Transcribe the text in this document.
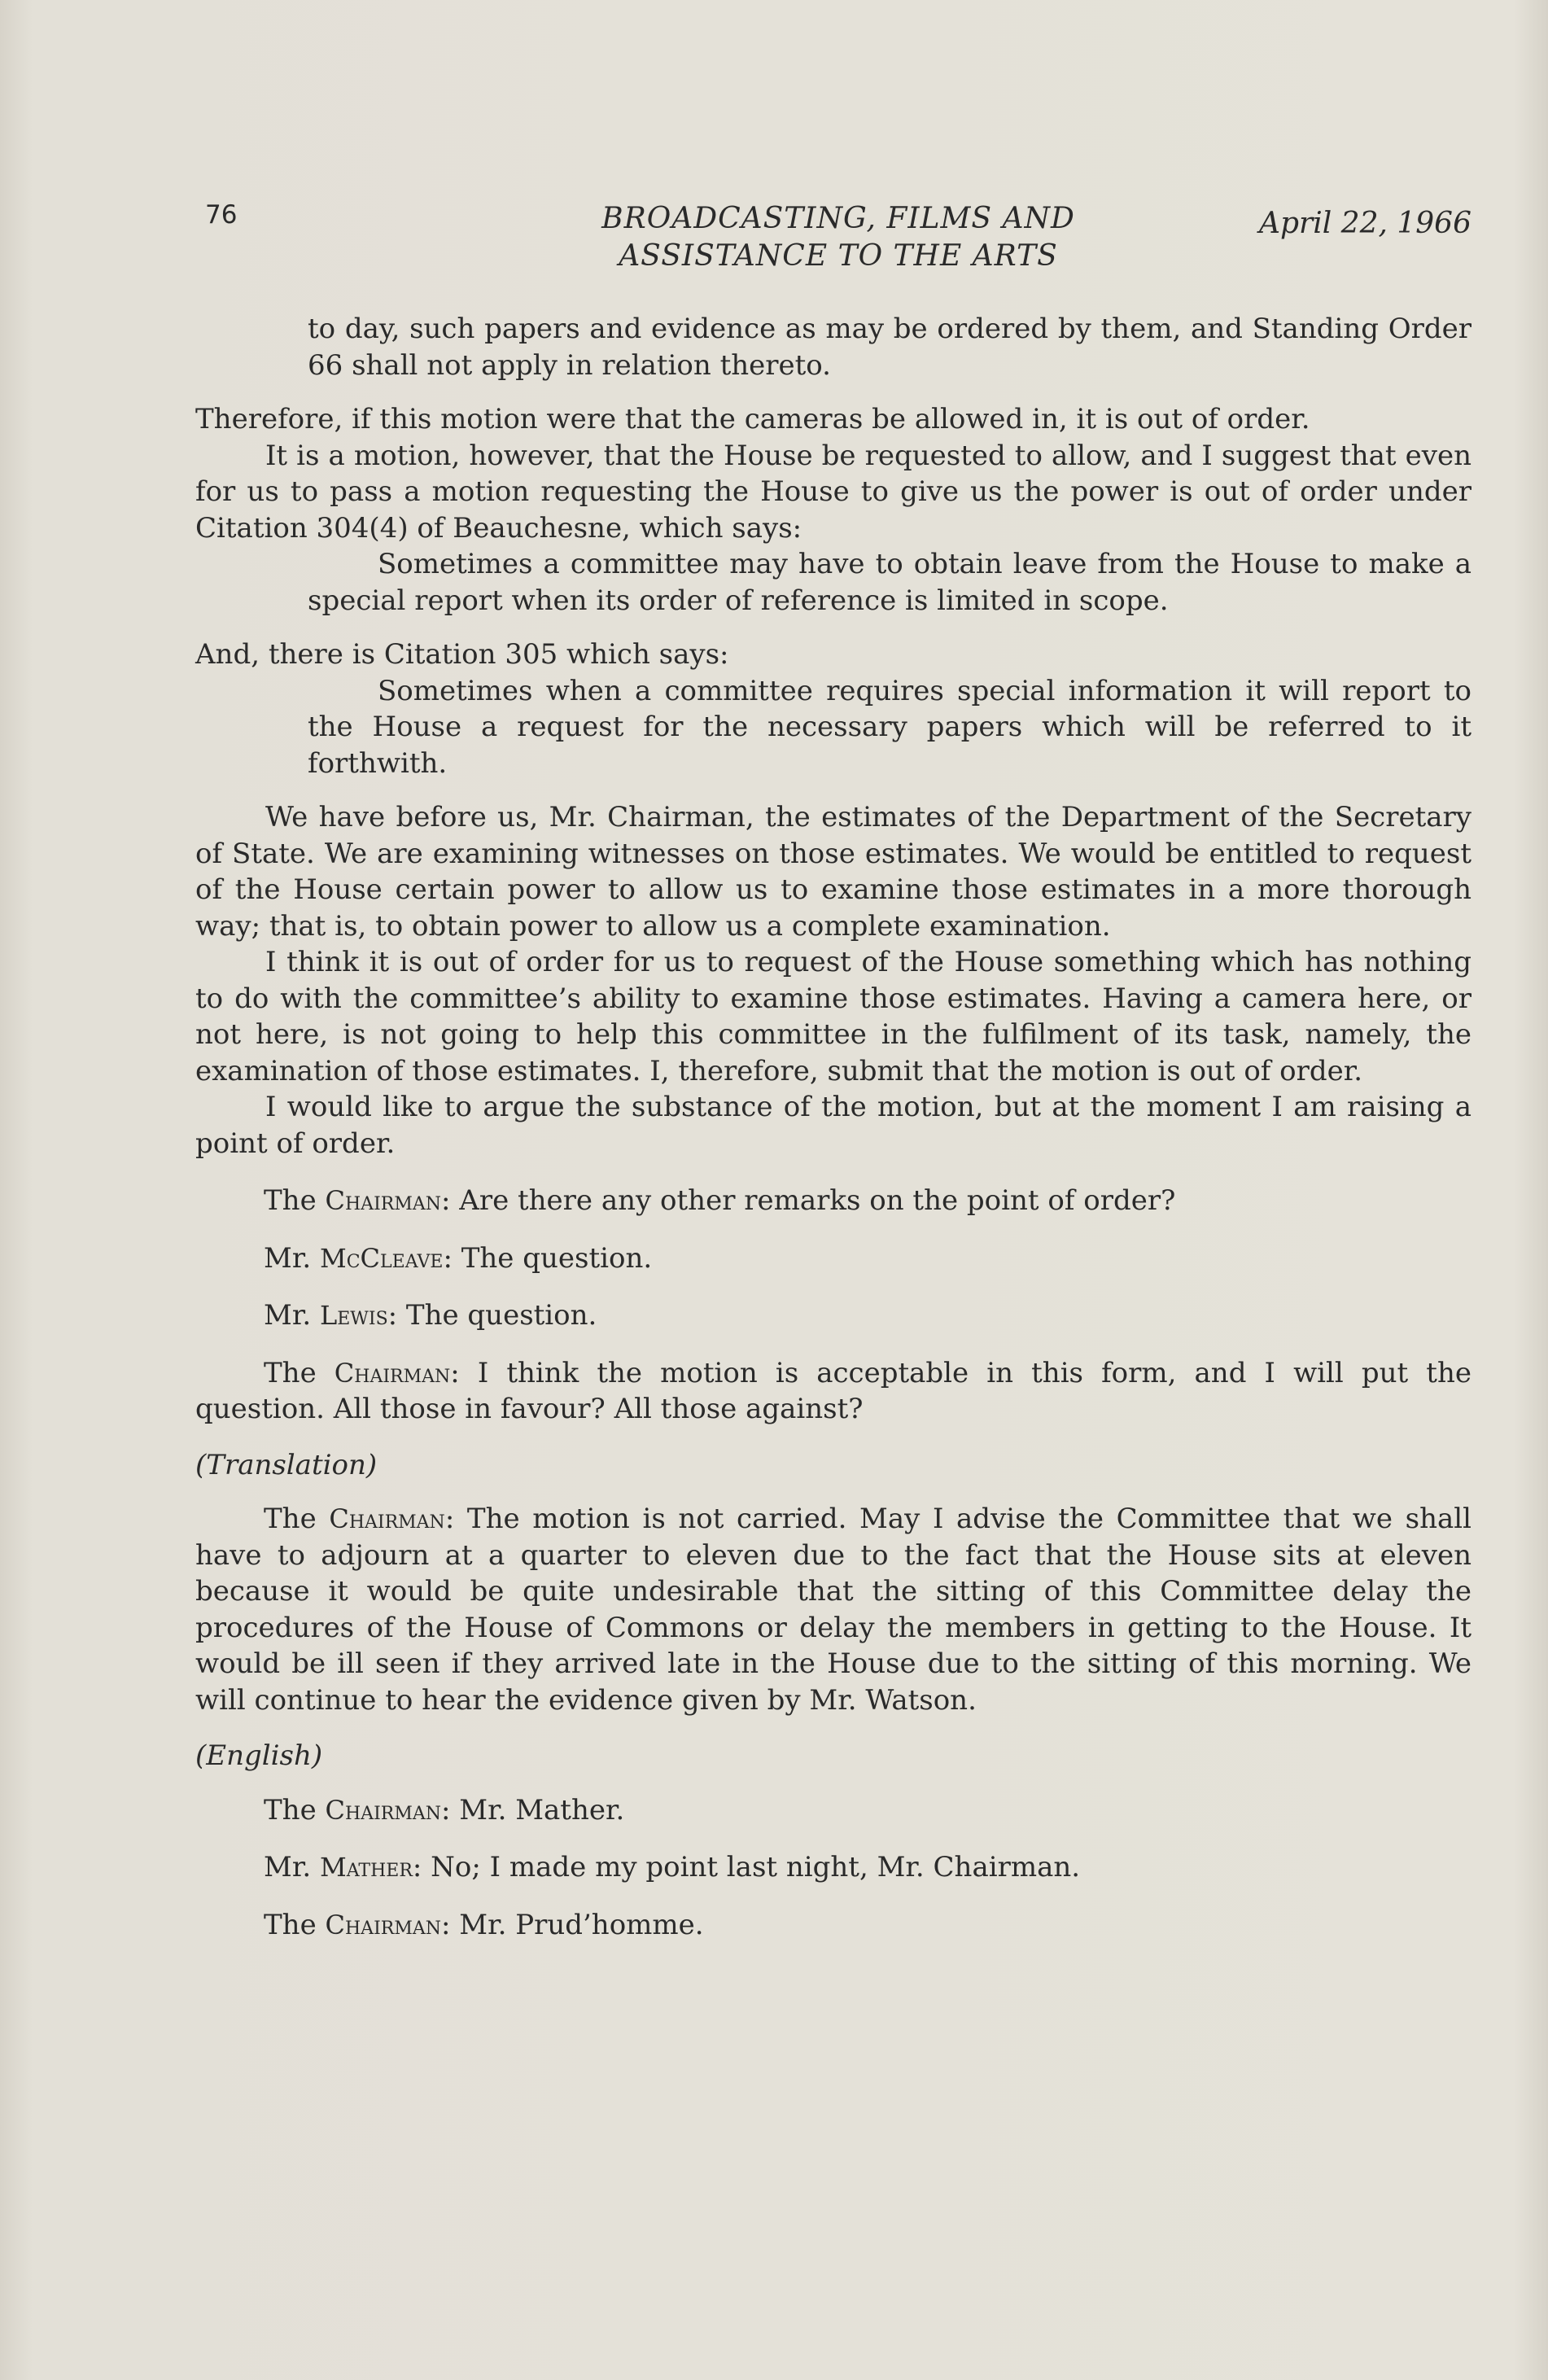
76	BROADCASTING, FILMS AND
ASSISTANCE TO THE ARTS
April 22, 1966

to day, such papers and evidence as may be ordered by them, and Standing Order 66 shall not apply in relation thereto.

Therefore, if this motion were that the cameras be allowed in, it is out of order.

It is a motion, however, that the House be requested to allow, and I suggest that even for us to pass a motion requesting the House to give us the power is out of order under Citation 304(4) of Beauchesne, which says:

Sometimes a committee may have to obtain leave from the House to make a special report when its order of reference is limited in scope.

And, there is Citation 305 which says:

Sometimes when a committee requires special information it will report to the House a request for the necessary papers which will be referred to it forthwith.

We have before us, Mr. Chairman, the estimates of the Department of the Secretary of State. We are examining witnesses on those estimates. We would be entitled to request of the House certain power to allow us to examine those estimates in a more thorough way; that is, to obtain power to allow us a complete examination.

I think it is out of order for us to request of the House something which has nothing to do with the committee’s ability to examine those estimates. Having a camera here, or not here, is not going to help this committee in the fulfilment of its task, namely, the examination of those estimates. I, therefore, submit that the motion is out of order.

I would like to argue the substance of the motion, but at the moment I am raising a point of order.

The Chairman: Are there any other remarks on the point of order?

Mr. McCleave: The question.

Mr. Lewis: The question.

The Chairman: I think the motion is acceptable in this form, and I will put the question. All those in favour? All those against?

(Translation)

The Chairman: The motion is not carried. May I advise the Committee that we shall have to adjourn at a quarter to eleven due to the fact that the House sits at eleven because it would be quite undesirable that the sitting of this Committee delay the procedures of the House of Commons or delay the members in getting to the House. It would be ill seen if they arrived late in the House due to the sitting of this morning. We will continue to hear the evidence given by Mr. Watson.

(English)

The Chairman: Mr. Mather.

Mr. Mather: No; I made my point last night, Mr. Chairman.

The Chairman: Mr. Prud’homme.
